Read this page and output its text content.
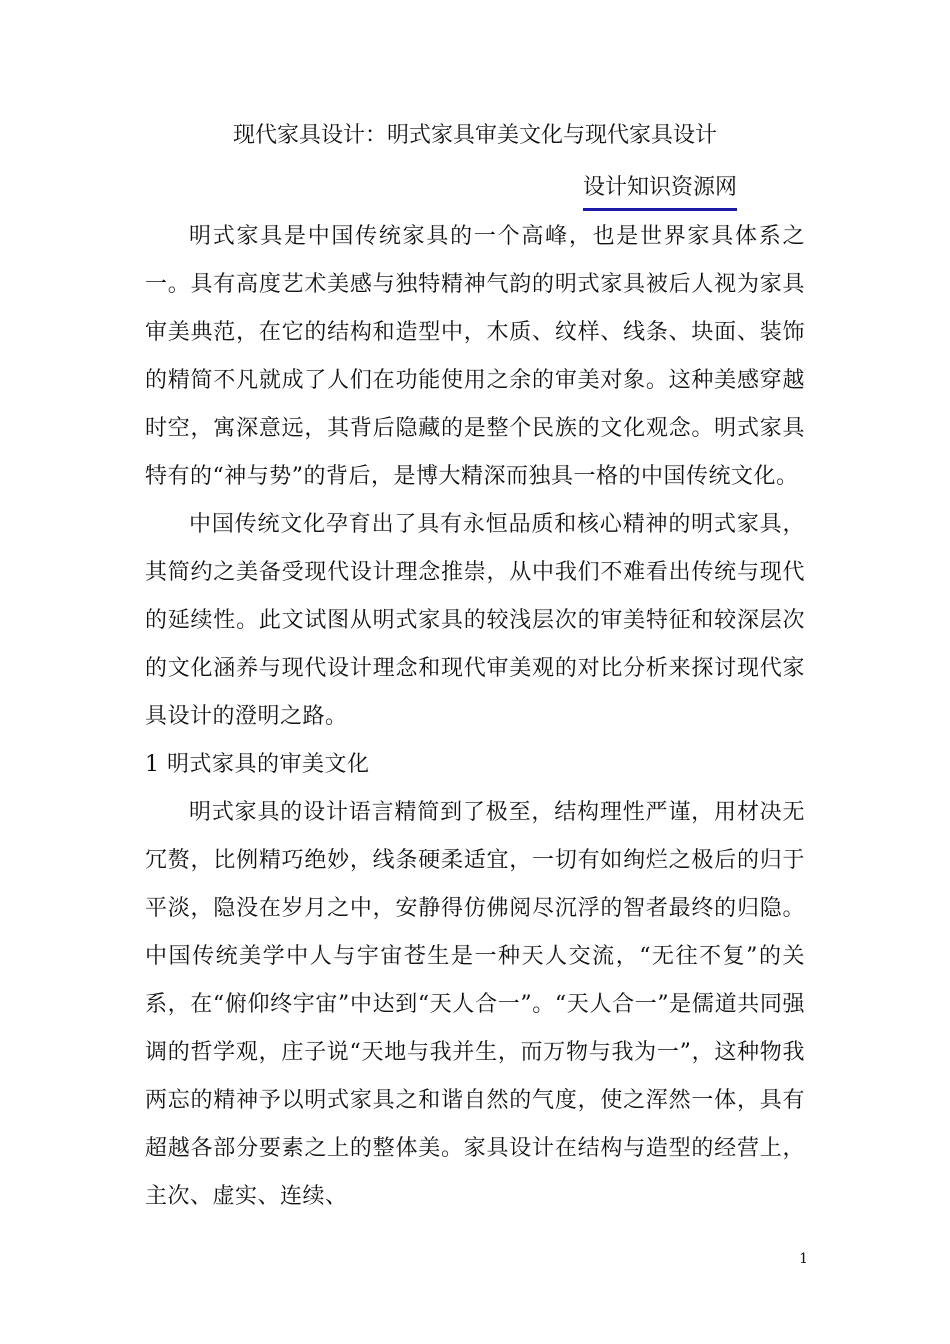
现代家具设计：明式家具审美文化与现代家具设计
设计知识资源网

明式家具是中国传统家具的一个高峰，也是世界家具体系之一。具有高度艺术美感与独特精神气韵的明式家具被后人视为家具审美典范，在它的结构和造型中，木质、纹样、线条、块面、装饰的精简不凡就成了人们在功能使用之余的审美对象。这种美感穿越时空，寓深意远，其背后隐藏的是整个民族的文化观念。明式家具特有的“神与势”的背后，是博大精深而独具一格的中国传统文化。

中国传统文化孕育出了具有永恒品质和核心精神的明式家具，其简约之美备受现代设计理念推崇，从中我们不难看出传统与现代的延续性。此文试图从明式家具的较浅层次的审美特征和较深层次的文化涵养与现代设计理念和现代审美观的对比分析来探讨现代家具设计的澄明之路。

1 明式家具的审美文化

明式家具的设计语言精简到了极至，结构理性严谨，用材决无冗赘，比例精巧绝妙，线条硬柔适宜，一切有如绚烂之极后的归于平淡，隐没在岁月之中，安静得仿佛阅尽沉浮的智者最终的归隐。中国传统美学中人与宇宙苍生是一种天人交流，“无往不复”的关系，在“俯仰终宇宙”中达到“天人合一”。“天人合一”是儒道共同强调的哲学观，庄子说“天地与我并生，而万物与我为一”，这种物我两忘的精神予以明式家具之和谐自然的气度，使之浑然一体，具有超越各部分要素之上的整体美。家具设计在结构与造型的经营上，主次、虚实、连续、

1
